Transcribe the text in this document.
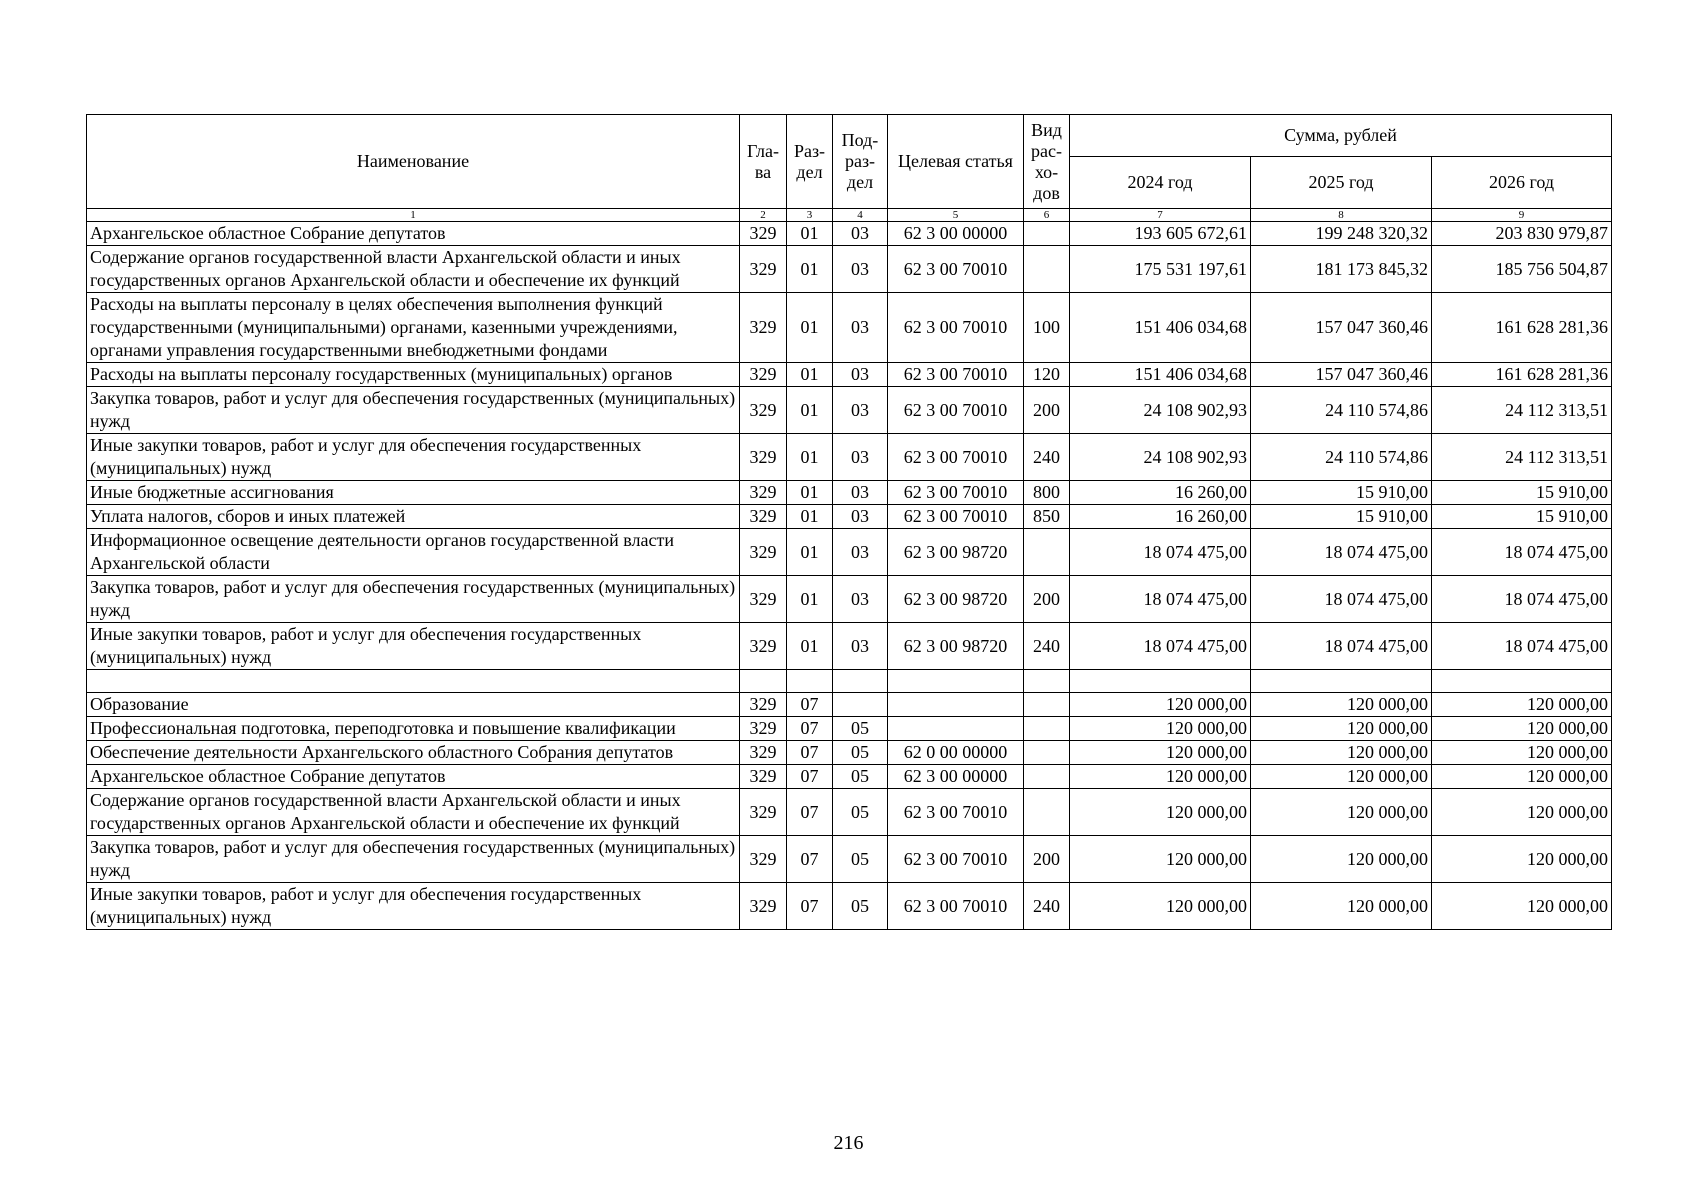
Наименование	Гла-ва	Раз-дел	Под-раз-дел	Целевая статья	Вид рас-хо-дов	Сумма, рублей		
						2024 год	2025 год	2026 год
1	2	3	4	5	6	7	8	9
Архангельское областное Собрание депутатов	329	01	03	62 3 00 00000		193 605 672,61	199 248 320,32	203 830 979,87
Содержание органов государственной власти Архангельской области и иных государственных органов Архангельской области и обеспечение их функций	329	01	03	62 3 00 70010		175 531 197,61	181 173 845,32	185 756 504,87
Расходы на выплаты персоналу в целях обеспечения выполнения функций государственными (муниципальными) органами, казенными учреждениями, органами управления государственными внебюджетными фондами	329	01	03	62 3 00 70010	100	151 406 034,68	157 047 360,46	161 628 281,36
Расходы на выплаты персоналу государственных (муниципальных) органов	329	01	03	62 3 00 70010	120	151 406 034,68	157 047 360,46	161 628 281,36
Закупка товаров, работ и услуг для обеспечения государственных (муниципальных) нужд	329	01	03	62 3 00 70010	200	24 108 902,93	24 110 574,86	24 112 313,51
Иные закупки товаров, работ и услуг для обеспечения государственных (муниципальных) нужд	329	01	03	62 3 00 70010	240	24 108 902,93	24 110 574,86	24 112 313,51
Иные бюджетные ассигнования	329	01	03	62 3 00 70010	800	16 260,00	15 910,00	15 910,00
Уплата налогов, сборов и иных платежей	329	01	03	62 3 00 70010	850	16 260,00	15 910,00	15 910,00
Информационное освещение деятельности органов государственной власти Архангельской области	329	01	03	62 3 00 98720		18 074 475,00	18 074 475,00	18 074 475,00
Закупка товаров, работ и услуг для обеспечения государственных (муниципальных) нужд	329	01	03	62 3 00 98720	200	18 074 475,00	18 074 475,00	18 074 475,00
Иные закупки товаров, работ и услуг для обеспечения государственных (муниципальных) нужд	329	01	03	62 3 00 98720	240	18 074 475,00	18 074 475,00	18 074 475,00

Образование	329	07				120 000,00	120 000,00	120 000,00
Профессиональная подготовка, переподготовка и повышение квалификации	329	07	05			120 000,00	120 000,00	120 000,00
Обеспечение деятельности Архангельского областного Собрания депутатов	329	07	05	62 0 00 00000		120 000,00	120 000,00	120 000,00
Архангельское областное Собрание депутатов	329	07	05	62 3 00 00000		120 000,00	120 000,00	120 000,00
Содержание органов государственной власти Архангельской области и иных государственных органов Архангельской области и обеспечение их функций	329	07	05	62 3 00 70010		120 000,00	120 000,00	120 000,00
Закупка товаров, работ и услуг для обеспечения государственных (муниципальных) нужд	329	07	05	62 3 00 70010	200	120 000,00	120 000,00	120 000,00
Иные закупки товаров, работ и услуг для обеспечения государственных (муниципальных) нужд	329	07	05	62 3 00 70010	240	120 000,00	120 000,00	120 000,00
216
